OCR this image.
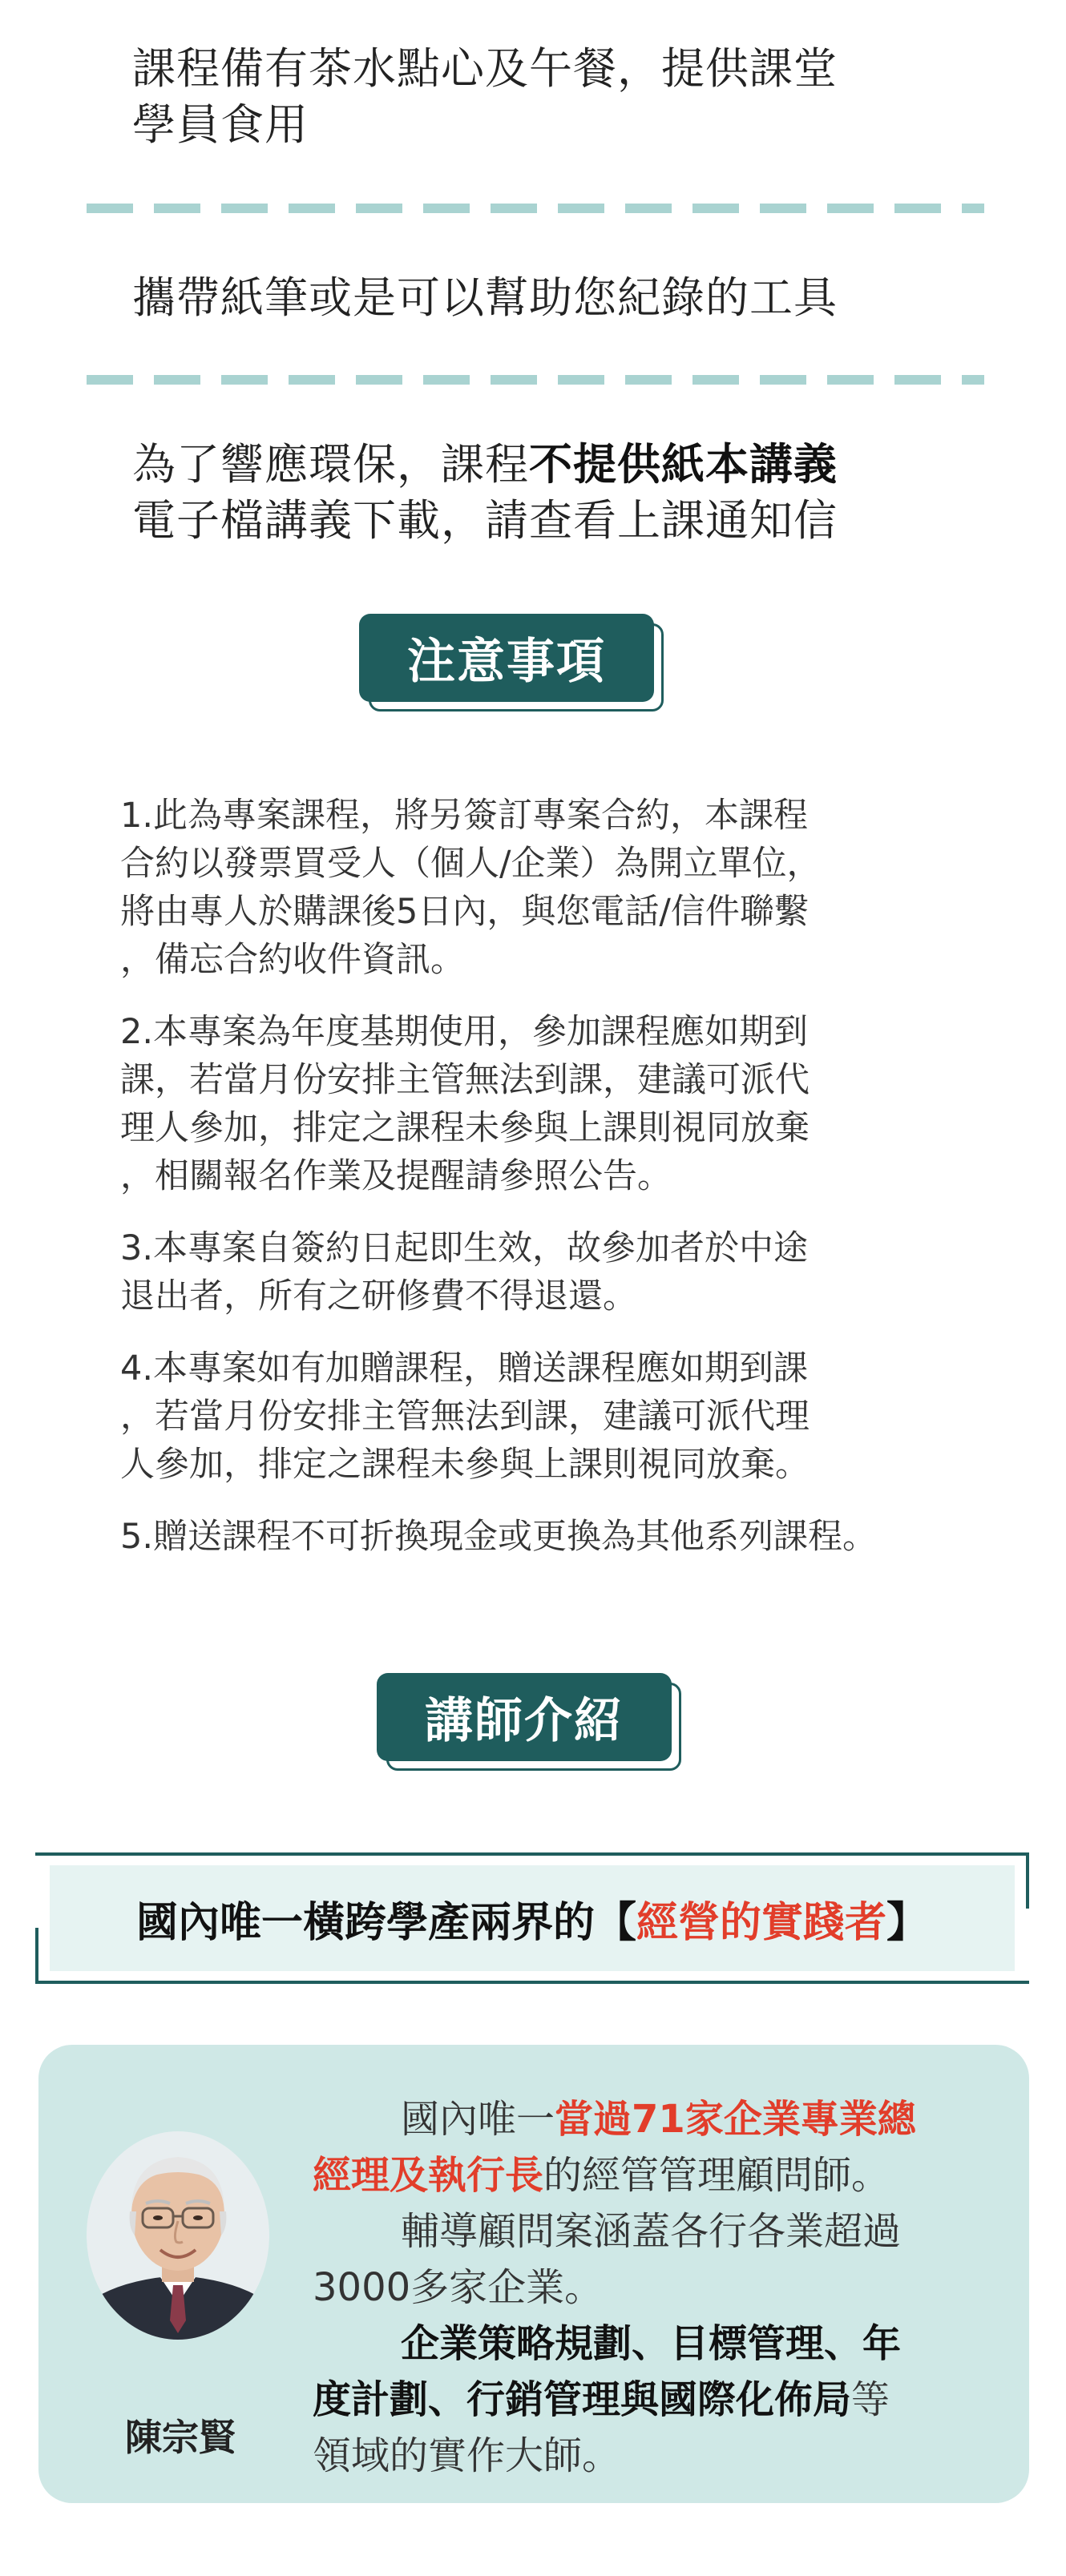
課程備有茶水點心及午餐，提供課堂
學員食用
攜帶紙筆或是可以幫助您紀錄的工具
為了響應環保，課程不提供紙本講義
電子檔講義下載，請查看上課通知信
注意事項
1.此為專案課程，將另簽訂專案合約，本課程
合約以發票買受人（個人/企業）為開立單位，
將由專人於購課後5日內，與您電話/信件聯繫
，備忘合約收件資訊。
2.本專案為年度基期使用，參加課程應如期到
課，若當月份安排主管無法到課，建議可派代
理人參加，排定之課程未參與上課則視同放棄
，相關報名作業及提醒請參照公告。
3.本專案自簽約日起即生效，故參加者於中途
退出者，所有之研修費不得退還。
4.本專案如有加贈課程，贈送課程應如期到課
，若當月份安排主管無法到課，建議可派代理
人參加，排定之課程未參與上課則視同放棄。
5.贈送課程不可折換現金或更換為其他系列課程。
講師介紹
國內唯一橫跨學產兩界的【 經營的實踐者 】
陳宗賢
國內唯一當過71家企業專業總
經理及執行長的經管管理顧問師。
輔導顧問案涵蓋各行各業超過
3000多家企業。
企業策略規劃、目標管理、年
度計劃、行銷管理與國際化佈局等
領域的實作大師。
